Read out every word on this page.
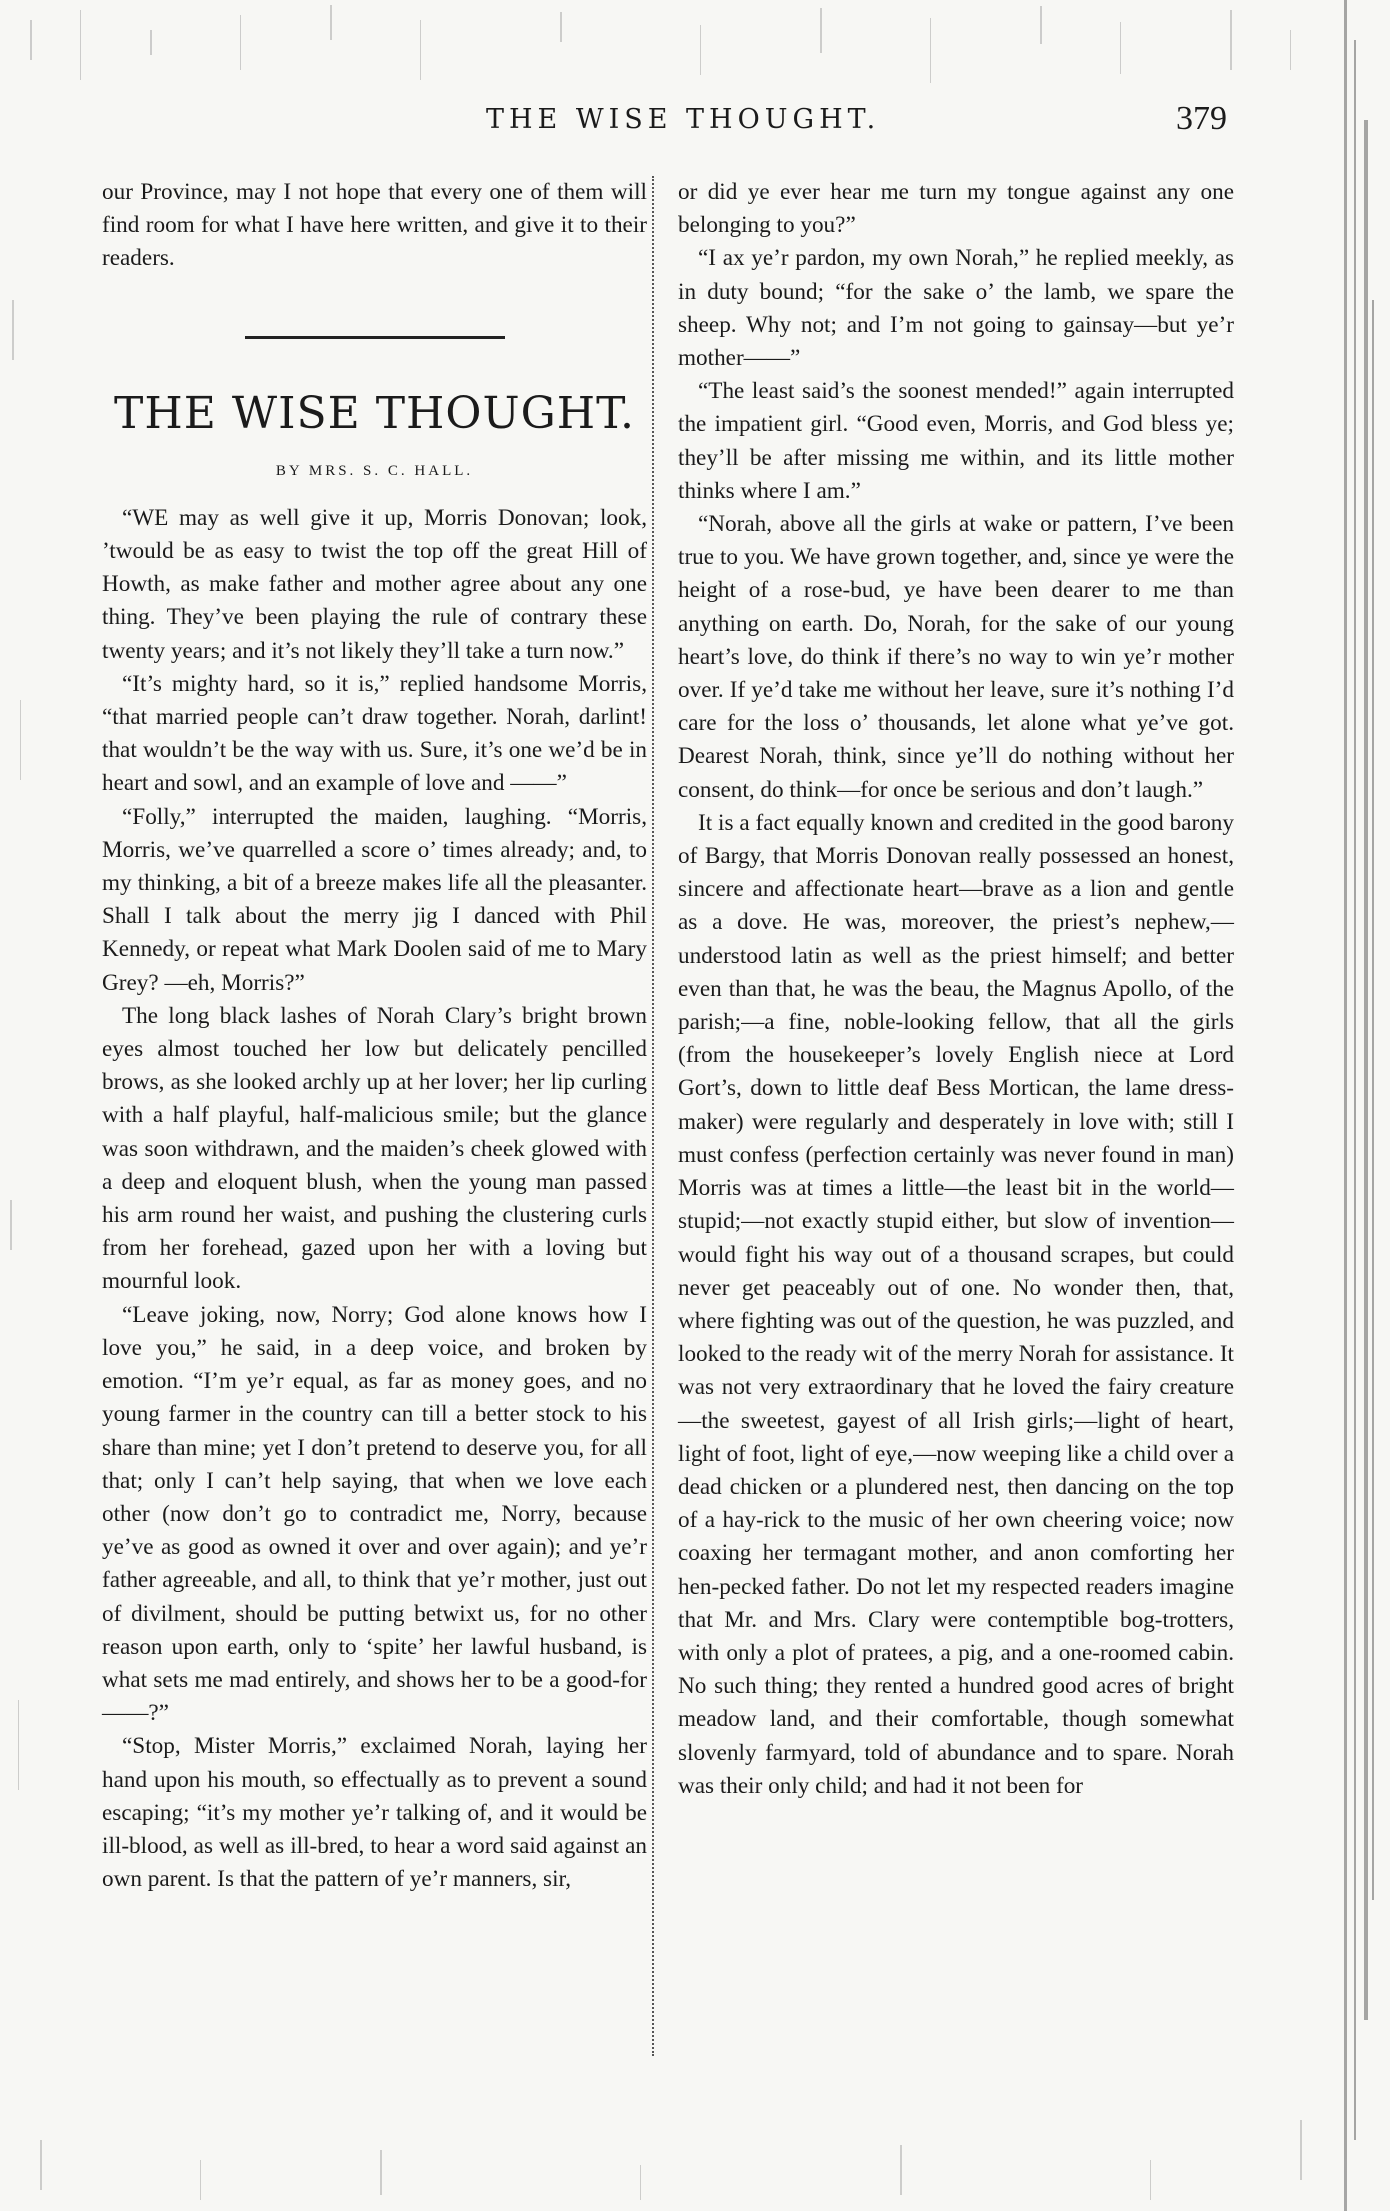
THE WISE THOUGHT.	379

our Province, may I not hope that every one of them will find room for what I have here written, and give it to their readers.

THE WISE THOUGHT.
BY MRS. S. C. HALL.

“WE may as well give it up, Morris Donovan; look, ’twould be as easy to twist the top off the great Hill of Howth, as make father and mother agree about any one thing. They’ve been playing the rule of contrary these twenty years; and it’s not likely they’ll take a turn now.”

“It’s mighty hard, so it is,” replied handsome Morris, “that married people can’t draw together. Norah, darlint! that wouldn’t be the way with us. Sure, it’s one we’d be in heart and sowl, and an example of love and ——”

“Folly,” interrupted the maiden, laughing. “Morris, Morris, we’ve quarrelled a score o’ times already; and, to my thinking, a bit of a breeze makes life all the pleasanter. Shall I talk about the merry jig I danced with Phil Kennedy, or repeat what Mark Doolen said of me to Mary Grey? —eh, Morris?”

The long black lashes of Norah Clary’s bright brown eyes almost touched her low but delicately pencilled brows, as she looked archly up at her lover; her lip curling with a half playful, half-malicious smile; but the glance was soon withdrawn, and the maiden’s cheek glowed with a deep and eloquent blush, when the young man passed his arm round her waist, and pushing the clustering curls from her forehead, gazed upon her with a loving but mournful look.

“Leave joking, now, Norry; God alone knows how I love you,” he said, in a deep voice, and broken by emotion. “I’m ye’r equal, as far as money goes, and no young farmer in the country can till a better stock to his share than mine; yet I don’t pretend to deserve you, for all that; only I can’t help saying, that when we love each other (now don’t go to contradict me, Norry, because ye’ve as good as owned it over and over again); and ye’r father agreeable, and all, to think that ye’r mother, just out of divilment, should be putting betwixt us, for no other reason upon earth, only to ‘spite’ her lawful husband, is what sets me mad entirely, and shows her to be a good-for——?”

“Stop, Mister Morris,” exclaimed Norah, laying her hand upon his mouth, so effectually as to prevent a sound escaping; “it’s my mother ye’r talking of, and it would be ill-blood, as well as ill-bred, to hear a word said against an own parent. Is that the pattern of ye’r manners, sir,

or did ye ever hear me turn my tongue against any one belonging to you?”

“I ax ye’r pardon, my own Norah,” he replied meekly, as in duty bound; “for the sake o’ the lamb, we spare the sheep. Why not; and I’m not going to gainsay—but ye’r mother——”

“The least said’s the soonest mended!” again interrupted the impatient girl. “Good even, Morris, and God bless ye; they’ll be after missing me within, and its little mother thinks where I am.”

“Norah, above all the girls at wake or pattern, I’ve been true to you. We have grown together, and, since ye were the height of a rose-bud, ye have been dearer to me than anything on earth. Do, Norah, for the sake of our young heart’s love, do think if there’s no way to win ye’r mother over. If ye’d take me without her leave, sure it’s nothing I’d care for the loss o’ thousands, let alone what ye’ve got. Dearest Norah, think, since ye’ll do nothing without her consent, do think—for once be serious and don’t laugh.”

It is a fact equally known and credited in the good barony of Bargy, that Morris Donovan really possessed an honest, sincere and affectionate heart—brave as a lion and gentle as a dove. He was, moreover, the priest’s nephew,—understood latin as well as the priest himself; and better even than that, he was the beau, the Magnus Apollo, of the parish;—a fine, noble-looking fellow, that all the girls (from the housekeeper’s lovely English niece at Lord Gort’s, down to little deaf Bess Mortican, the lame dress-maker) were regularly and desperately in love with; still I must confess (perfection certainly was never found in man) Morris was at times a little—the least bit in the world—stupid;—not exactly stupid either, but slow of invention—would fight his way out of a thousand scrapes, but could never get peaceably out of one. No wonder then, that, where fighting was out of the question, he was puzzled, and looked to the ready wit of the merry Norah for assistance. It was not very extraordinary that he loved the fairy creature—the sweetest, gayest of all Irish girls;—light of heart, light of foot, light of eye,—now weeping like a child over a dead chicken or a plundered nest, then dancing on the top of a hay-rick to the music of her own cheering voice; now coaxing her termagant mother, and anon comforting her hen-pecked father. Do not let my respected readers imagine that Mr. and Mrs. Clary were contemptible bog-trotters, with only a plot of pratees, a pig, and a one-roomed cabin. No such thing; they rented a hundred good acres of bright meadow land, and their comfortable, though somewhat slovenly farmyard, told of abundance and to spare. Norah was their only child; and had it not been for
